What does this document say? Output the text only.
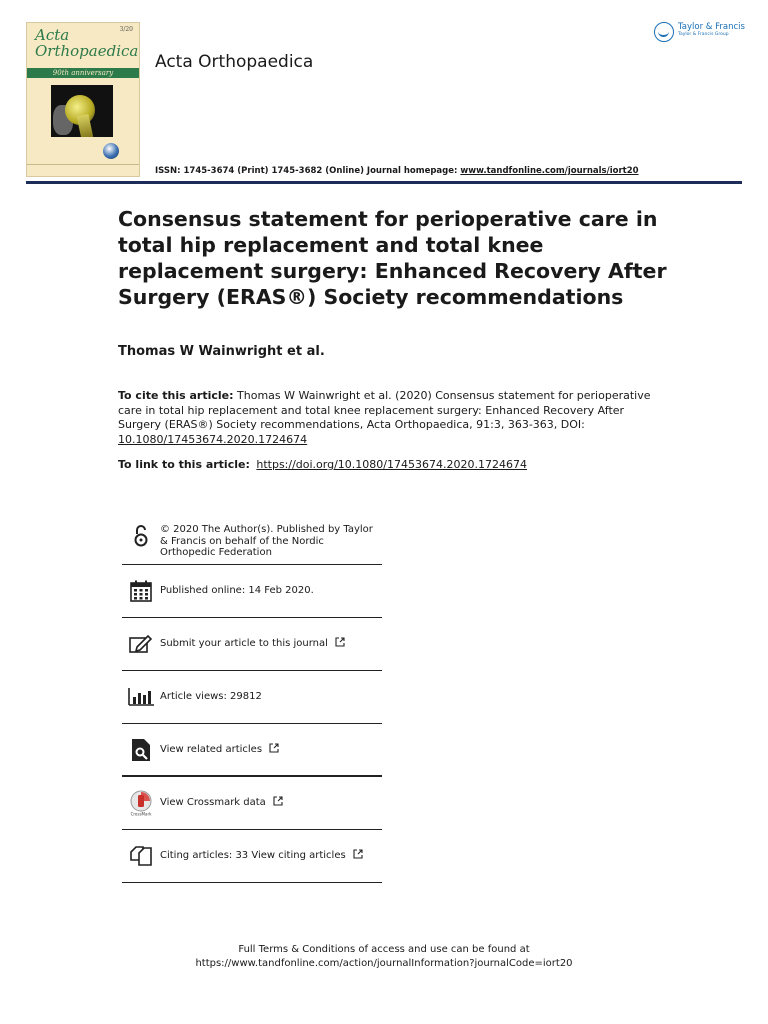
3/20
Acta
Orthopaedica
90th anniversary
Acta Orthopaedica
Taylor & Francis
Taylor & Francis Group
ISSN: 1745-3674 (Print) 1745-3682 (Online) Journal homepage: www.tandfonline.com/journals/iort20
Consensus statement for perioperative care in total hip replacement and total knee replacement surgery: Enhanced Recovery After Surgery (ERAS®) Society recommendations
Thomas W Wainwright et al.
To cite this article: Thomas W Wainwright et al. (2020) Consensus statement for perioperative care in total hip replacement and total knee replacement surgery: Enhanced Recovery After Surgery (ERAS®) Society recommendations, Acta Orthopaedica, 91:3, 363-363, DOI: 10.1080/17453674.2020.1724674
To link to this article: https://doi.org/10.1080/17453674.2020.1724674
© 2020 The Author(s). Published by Taylor & Francis on behalf of the Nordic Orthopedic Federation
Published online: 14 Feb 2020.
Submit your article to this journal
Article views: 29812
View related articles
CrossMark
View Crossmark data
Citing articles: 33 View citing articles
Full Terms & Conditions of access and use can be found at
https://www.tandfonline.com/action/journalInformation?journalCode=iort20
